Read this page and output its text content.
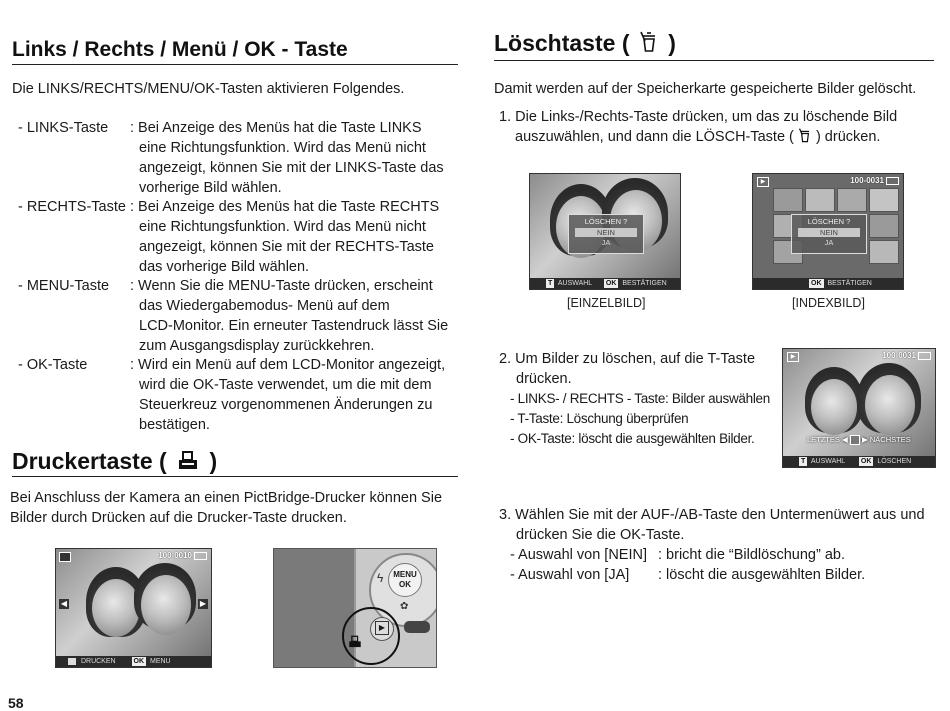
Links / Rechts / Menü / OK - Taste
Die LINKS/RECHTS/MENU/OK-Tasten aktivieren Folgendes.
- LINKS-Taste : Bei Anzeige des Menüs hat die Taste LINKS
eine Richtungsfunktion. Wird das Menü nicht
angezeigt, können Sie mit der LINKS-Taste das
vorherige Bild wählen.
- RECHTS-Taste : Bei Anzeige des Menüs hat die Taste RECHTS
eine Richtungsfunktion. Wird das Menü nicht
angezeigt, können Sie mit der RECHTS-Taste
das vorherige Bild wählen.
- MENU-Taste : Wenn Sie die MENU-Taste drücken, erscheint
das Wiedergabemodus- Menü auf dem
LCD-Monitor. Ein erneuter Tastendruck lässt Sie
zum Ausgangsdisplay zurückkehren.
- OK-Taste	: Wird ein Menü auf dem LCD-Monitor angezeigt,
wird die OK-Taste verwendet, um die mit dem
Steuerkreuz vorgenommenen Änderungen zu
bestätigen.
Druckertaste ( )
Bei Anschluss der Kamera an einen PictBridge-Drucker können Sie
Bilder durch Drücken auf die Drucker-Taste drucken.
100-0010
◀	▶
DRUCKEN	OK MENU
MENU
OK
ϟ
✿
▶
Löschtaste ( )
Damit werden auf der Speicherkarte gespeicherte Bilder gelöscht.
1. Die Links-/Rechts-Taste drücken, um das zu löschende Bild
auszuwählen, und dann die LÖSCH-Taste ( ) drücken.
LÖSCHEN ?
NEIN
JA
T AUSWAHL OK BESTÄTIGEN
[EINZELBILD]
100-0031
▶
LÖSCHEN ?
NEIN
JA
OK BESTÄTIGEN
[INDEXBILD]
2. Um Bilder zu löschen, auf die T-Taste
drücken.
- LINKS- / RECHTS - Taste: Bilder auswählen
- T-Taste: Löschung überprüfen
- OK-Taste: löscht die ausgewählten Bilder.
100-0031
▶
LETZTES ◀ ▶ NÄCHSTES
T AUSWAHL OK LÖSCHEN
3. Wählen Sie mit der AUF-/AB-Taste den Untermenüwert aus und
drücken Sie die OK-Taste.
- Auswahl von [NEIN] : bricht die “Bildlöschung” ab.
- Auswahl von [JA] : löscht die ausgewählten Bilder.
58
